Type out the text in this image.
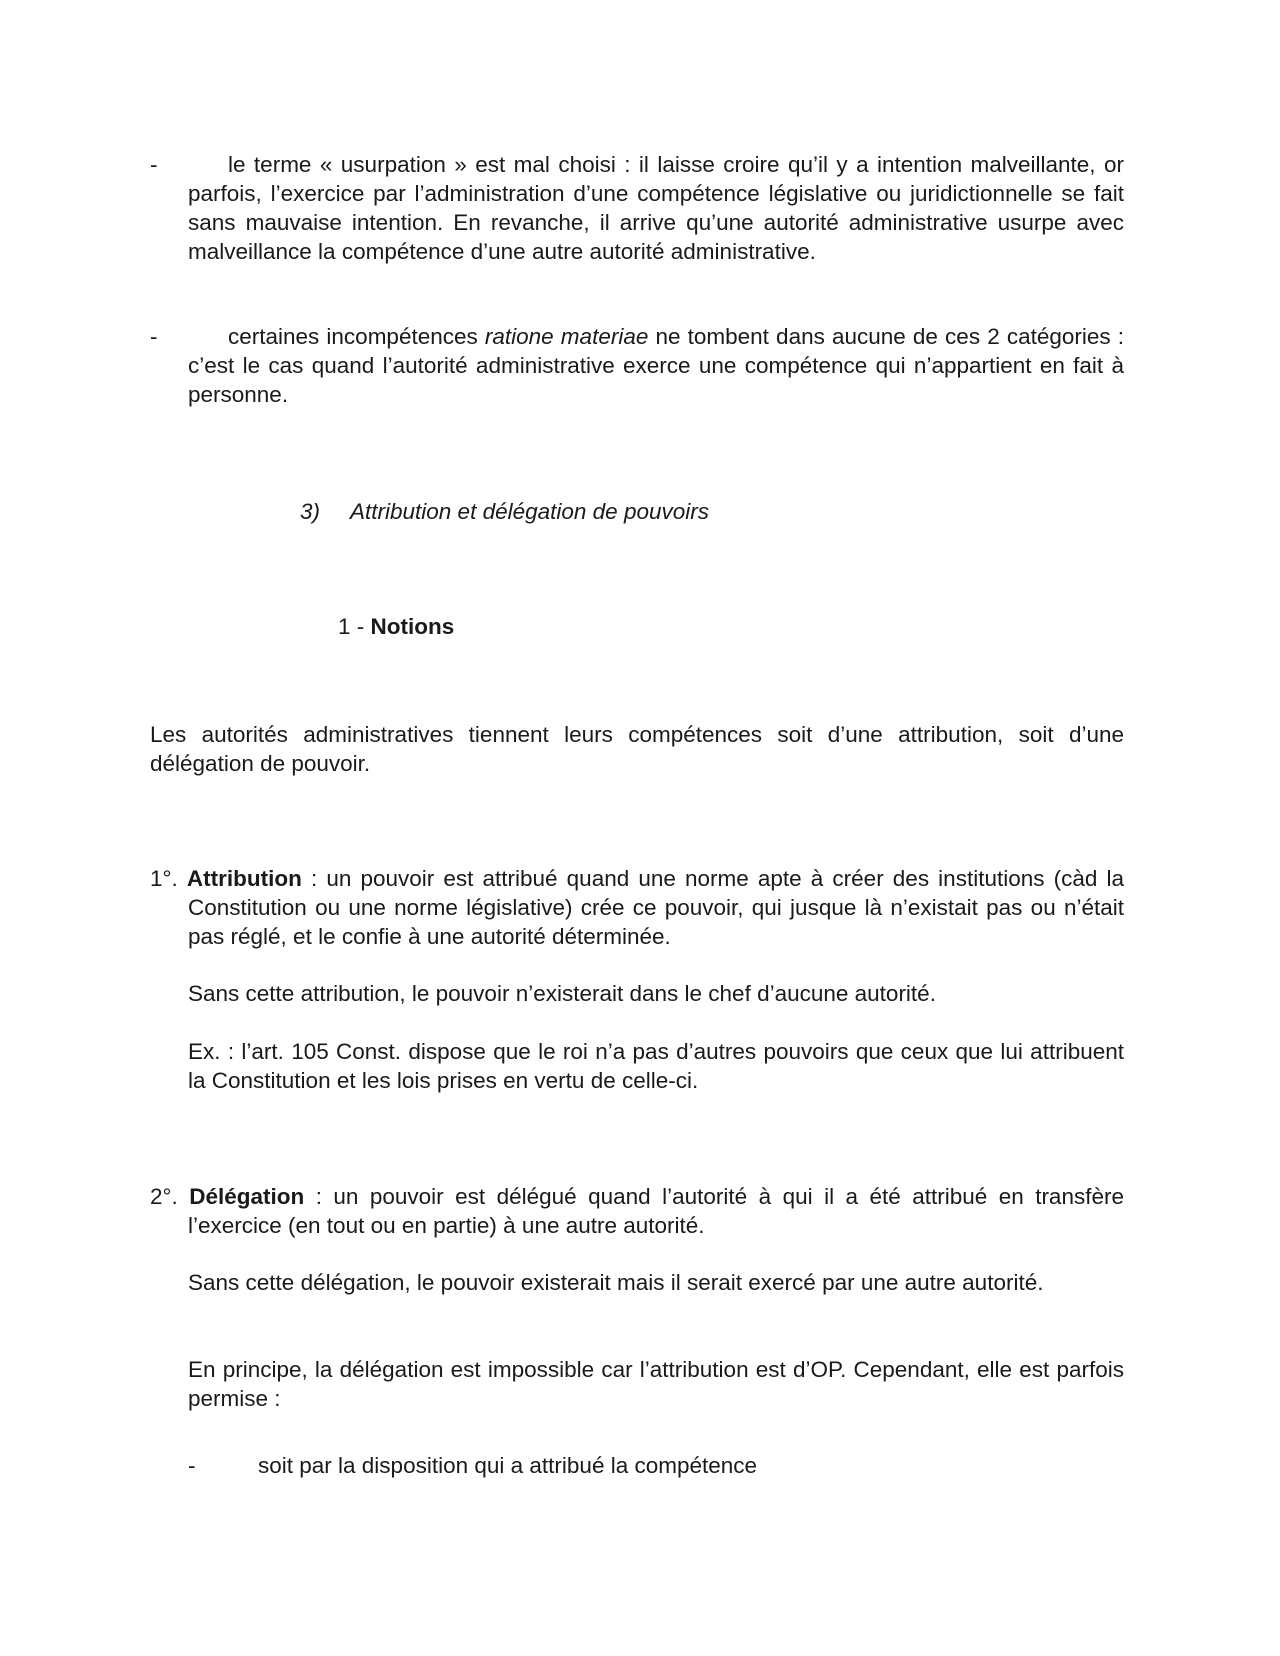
-	le terme « usurpation » est mal choisi : il laisse croire qu’il y a intention malveillante, or parfois, l’exercice par l’administration d’une compétence législative ou juridictionnelle se fait sans mauvaise intention. En revanche, il arrive qu’une autorité administrative usurpe avec malveillance la compétence d’une autre autorité administrative.

-	certaines incompétences ratione materiae ne tombent dans aucune de ces 2 catégories : c’est le cas quand l’autorité administrative exerce une compétence qui n’appartient en fait à personne.

3) Attribution et délégation de pouvoirs
1 - Notions

Les autorités administratives tiennent leurs compétences soit d’une attribution, soit d’une délégation de pouvoir.

1°. Attribution : un pouvoir est attribué quand une norme apte à créer des institutions (càd la Constitution ou une norme législative) crée ce pouvoir, qui jusque là n’existait pas ou n’était pas réglé, et le confie à une autorité déterminée.

Sans cette attribution, le pouvoir n’existerait dans le chef d’aucune autorité.

Ex. : l’art. 105 Const. dispose que le roi n’a pas d’autres pouvoirs que ceux que lui attribuent la Constitution et les lois prises en vertu de celle-ci.

2°. Délégation : un pouvoir est délégué quand l’autorité à qui il a été attribué en transfère l’exercice (en tout ou en partie) à une autre autorité.

Sans cette délégation, le pouvoir existerait mais il serait exercé par une autre autorité.

En principe, la délégation est impossible car l’attribution est d’OP. Cependant, elle est parfois permise :

-	soit par la disposition qui a attribué la compétence
